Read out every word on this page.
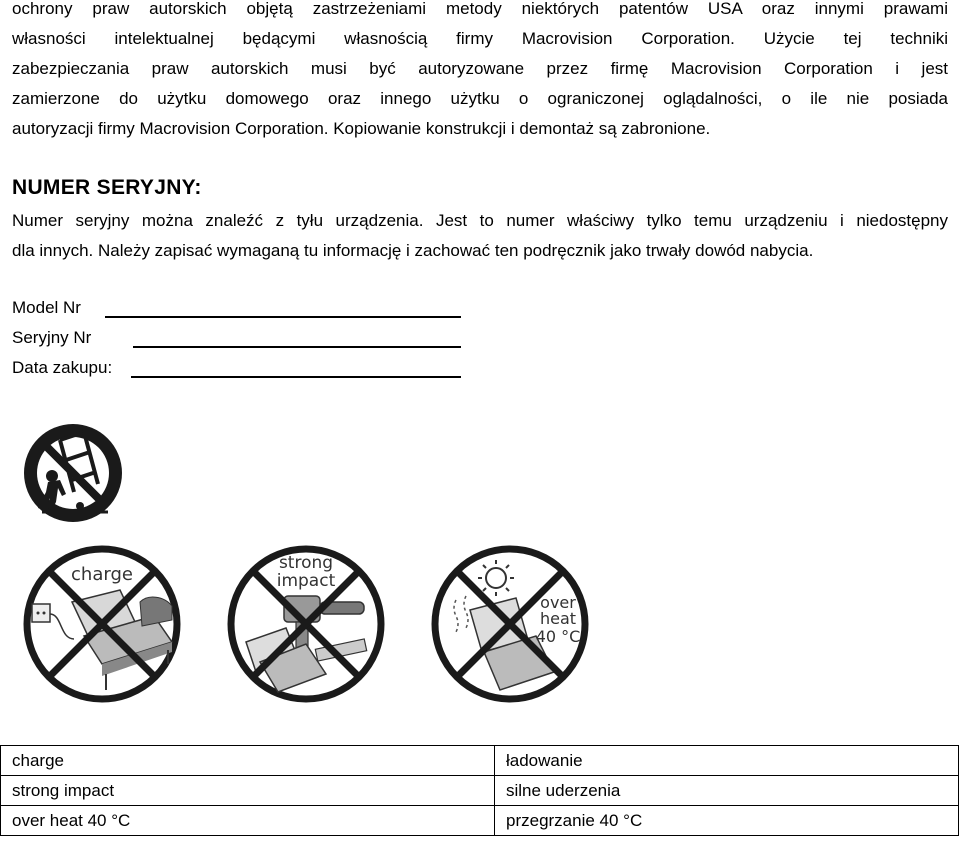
ochrony praw autorskich objętą zastrzeżeniami metody niektórych patentów USA oraz innymi prawami
własności intelektualnej będącymi własnością firmy Macrovision Corporation. Użycie tej techniki
zabezpieczania praw autorskich musi być autoryzowane przez firmę Macrovision Corporation i jest
zamierzone do użytku domowego oraz innego użytku o ograniczonej oglądalności, o ile nie posiada
autoryzacji firmy Macrovision Corporation. Kopiowanie konstrukcji i demontaż są zabronione.
NUMER SERYJNY:
Numer seryjny można znaleźć z tyłu urządzenia. Jest to numer właściwy tylko temu urządzeniu i niedostępny
dla innych. Należy zapisać wymaganą tu informację i zachować ten podręcznik jako trwały dowód nabycia.
Model Nr
Seryjny Nr
Data zakupu:
charge
strong
impact
over
heat
40 °C
charge	ładowanie
strong impact	silne uderzenia
over heat 40 °C	przegrzanie 40 °C
